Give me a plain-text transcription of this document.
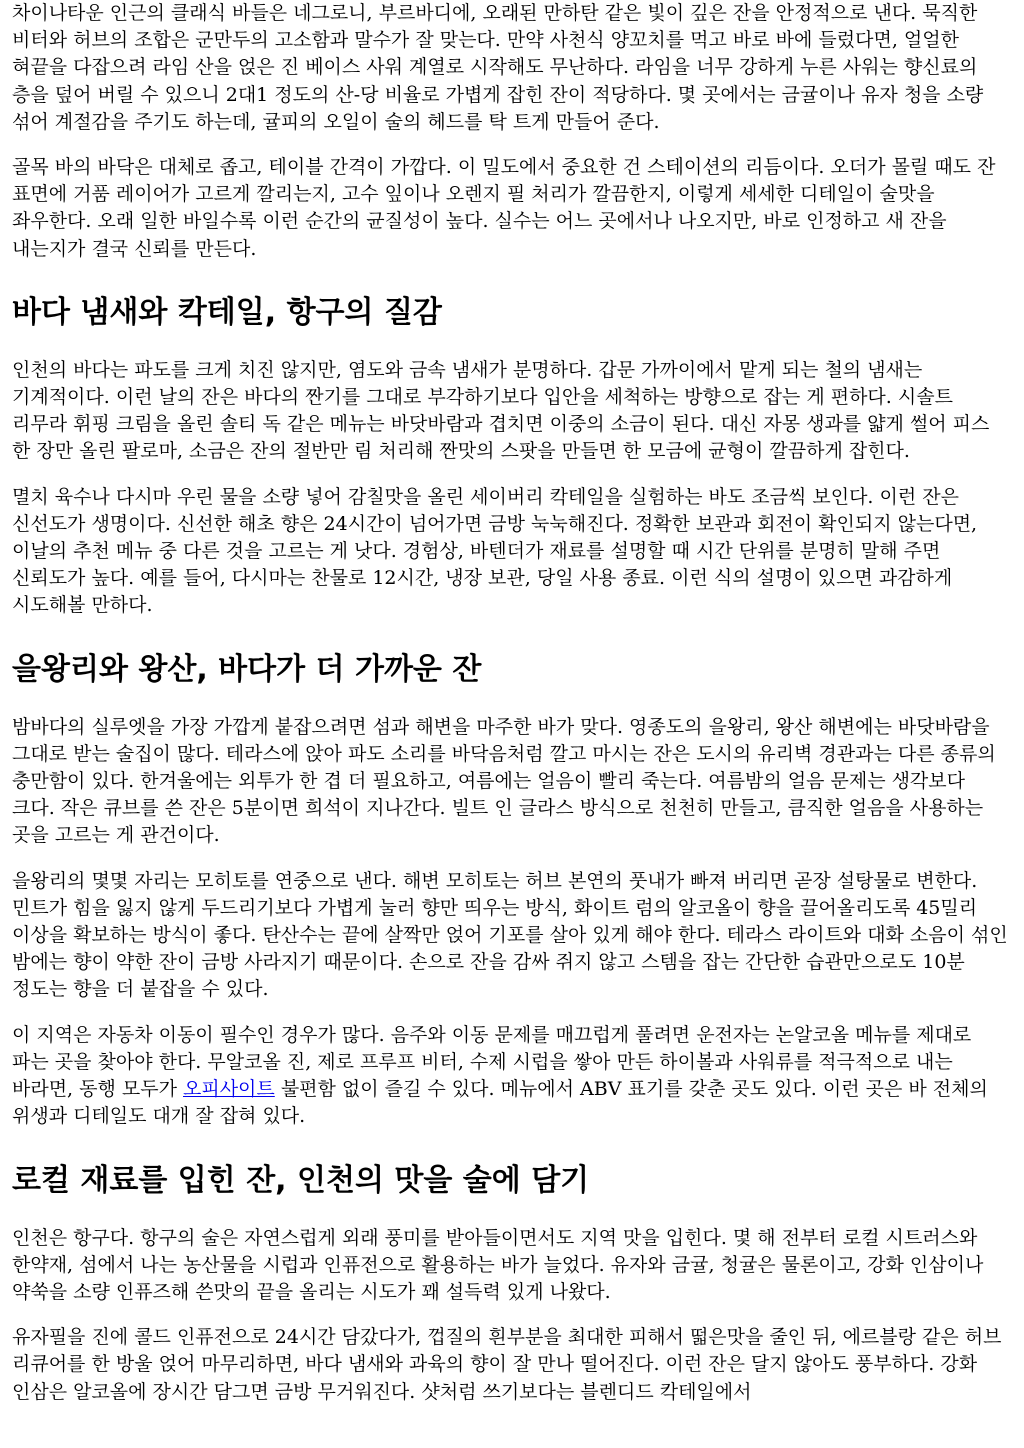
차이나타운 인근의 클래식 바들은 네그로니, 부르바디에, 오래된 만하탄 같은 빛이 깊은 잔을 안정적으로 낸다. 묵직한 비터와 허브의 조합은 군만두의 고소함과 말수가 잘 맞는다. 만약 사천식 양꼬치를 먹고 바로 바에 들렀다면, 얼얼한 혀끝을 다잡으려 라임 산을 얹은 진 베이스 사워 계열로 시작해도 무난하다. 라임을 너무 강하게 누른 사워는 향신료의 층을 덮어 버릴 수 있으니 2대1 정도의 산-당 비율로 가볍게 잡힌 잔이 적당하다. 몇 곳에서는 금귤이나 유자 청을 소량 섞어 계절감을 주기도 하는데, 귤피의 오일이 술의 헤드를 탁 트게 만들어 준다.

골목 바의 바닥은 대체로 좁고, 테이블 간격이 가깝다. 이 밀도에서 중요한 건 스테이션의 리듬이다. 오더가 몰릴 때도 잔 표면에 거품 레이어가 고르게 깔리는지, 고수 잎이나 오렌지 필 처리가 깔끔한지, 이렇게 세세한 디테일이 술맛을 좌우한다. 오래 일한 바일수록 이런 순간의 균질성이 높다. 실수는 어느 곳에서나 나오지만, 바로 인정하고 새 잔을 내는지가 결국 신뢰를 만든다.

바다 냄새와 칵테일, 항구의 질감

인천의 바다는 파도를 크게 치진 않지만, 염도와 금속 냄새가 분명하다. 갑문 가까이에서 맡게 되는 철의 냄새는 기계적이다. 이런 날의 잔은 바다의 짠기를 그대로 부각하기보다 입안을 세척하는 방향으로 잡는 게 편하다. 시솔트 리무라 휘핑 크림을 올린 솔티 독 같은 메뉴는 바닷바람과 겹치면 이중의 소금이 된다. 대신 자몽 생과를 얇게 썰어 피스 한 장만 올린 팔로마, 소금은 잔의 절반만 림 처리해 짠맛의 스팟을 만들면 한 모금에 균형이 깔끔하게 잡힌다.

멸치 육수나 다시마 우린 물을 소량 넣어 감칠맛을 올린 세이버리 칵테일을 실험하는 바도 조금씩 보인다. 이런 잔은 신선도가 생명이다. 신선한 해초 향은 24시간이 넘어가면 금방 눅눅해진다. 정확한 보관과 회전이 확인되지 않는다면, 이날의 추천 메뉴 중 다른 것을 고르는 게 낫다. 경험상, 바텐더가 재료를 설명할 때 시간 단위를 분명히 말해 주면 신뢰도가 높다. 예를 들어, 다시마는 찬물로 12시간, 냉장 보관, 당일 사용 종료. 이런 식의 설명이 있으면 과감하게 시도해볼 만하다.

을왕리와 왕산, 바다가 더 가까운 잔

밤바다의 실루엣을 가장 가깝게 붙잡으려면 섬과 해변을 마주한 바가 맞다. 영종도의 을왕리, 왕산 해변에는 바닷바람을 그대로 받는 술집이 많다. 테라스에 앉아 파도 소리를 바닥음처럼 깔고 마시는 잔은 도시의 유리벽 경관과는 다른 종류의 충만함이 있다. 한겨울에는 외투가 한 겹 더 필요하고, 여름에는 얼음이 빨리 죽는다. 여름밤의 얼음 문제는 생각보다 크다. 작은 큐브를 쓴 잔은 5분이면 희석이 지나간다. 빌트 인 글라스 방식으로 천천히 만들고, 큼직한 얼음을 사용하는 곳을 고르는 게 관건이다.

을왕리의 몇몇 자리는 모히토를 연중으로 낸다. 해변 모히토는 허브 본연의 풋내가 빠져 버리면 곧장 설탕물로 변한다. 민트가 힘을 잃지 않게 두드리기보다 가볍게 눌러 향만 띄우는 방식, 화이트 럼의 알코올이 향을 끌어올리도록 45밀리 이상을 확보하는 방식이 좋다. 탄산수는 끝에 살짝만 얹어 기포를 살아 있게 해야 한다. 테라스 라이트와 대화 소음이 섞인 밤에는 향이 약한 잔이 금방 사라지기 때문이다. 손으로 잔을 감싸 쥐지 않고 스템을 잡는 간단한 습관만으로도 10분 정도는 향을 더 붙잡을 수 있다.

이 지역은 자동차 이동이 필수인 경우가 많다. 음주와 이동 문제를 매끄럽게 풀려면 운전자는 논알코올 메뉴를 제대로 파는 곳을 찾아야 한다. 무알코올 진, 제로 프루프 비터, 수제 시럽을 쌓아 만든 하이볼과 사워류를 적극적으로 내는 바라면, 동행 모두가 오피사이트 불편함 없이 즐길 수 있다. 메뉴에서 ABV 표기를 갖춘 곳도 있다. 이런 곳은 바 전체의 위생과 디테일도 대개 잘 잡혀 있다.

로컬 재료를 입힌 잔, 인천의 맛을 술에 담기

인천은 항구다. 항구의 술은 자연스럽게 외래 풍미를 받아들이면서도 지역 맛을 입힌다. 몇 해 전부터 로컬 시트러스와 한약재, 섬에서 나는 농산물을 시럽과 인퓨전으로 활용하는 바가 늘었다. 유자와 금귤, 청귤은 물론이고, 강화 인삼이나 약쑥을 소량 인퓨즈해 쓴맛의 끝을 올리는 시도가 꽤 설득력 있게 나왔다.

유자필을 진에 콜드 인퓨전으로 24시간 담갔다가, 껍질의 흰부분을 최대한 피해서 떫은맛을 줄인 뒤, 에르블랑 같은 허브 리큐어를 한 방울 얹어 마무리하면, 바다 냄새와 과육의 향이 잘 만나 떨어진다. 이런 잔은 달지 않아도 풍부하다. 강화 인삼은 알코올에 장시간 담그면 금방 무거워진다. 샷처럼 쓰기보다는 블렌디드 칵테일에서
